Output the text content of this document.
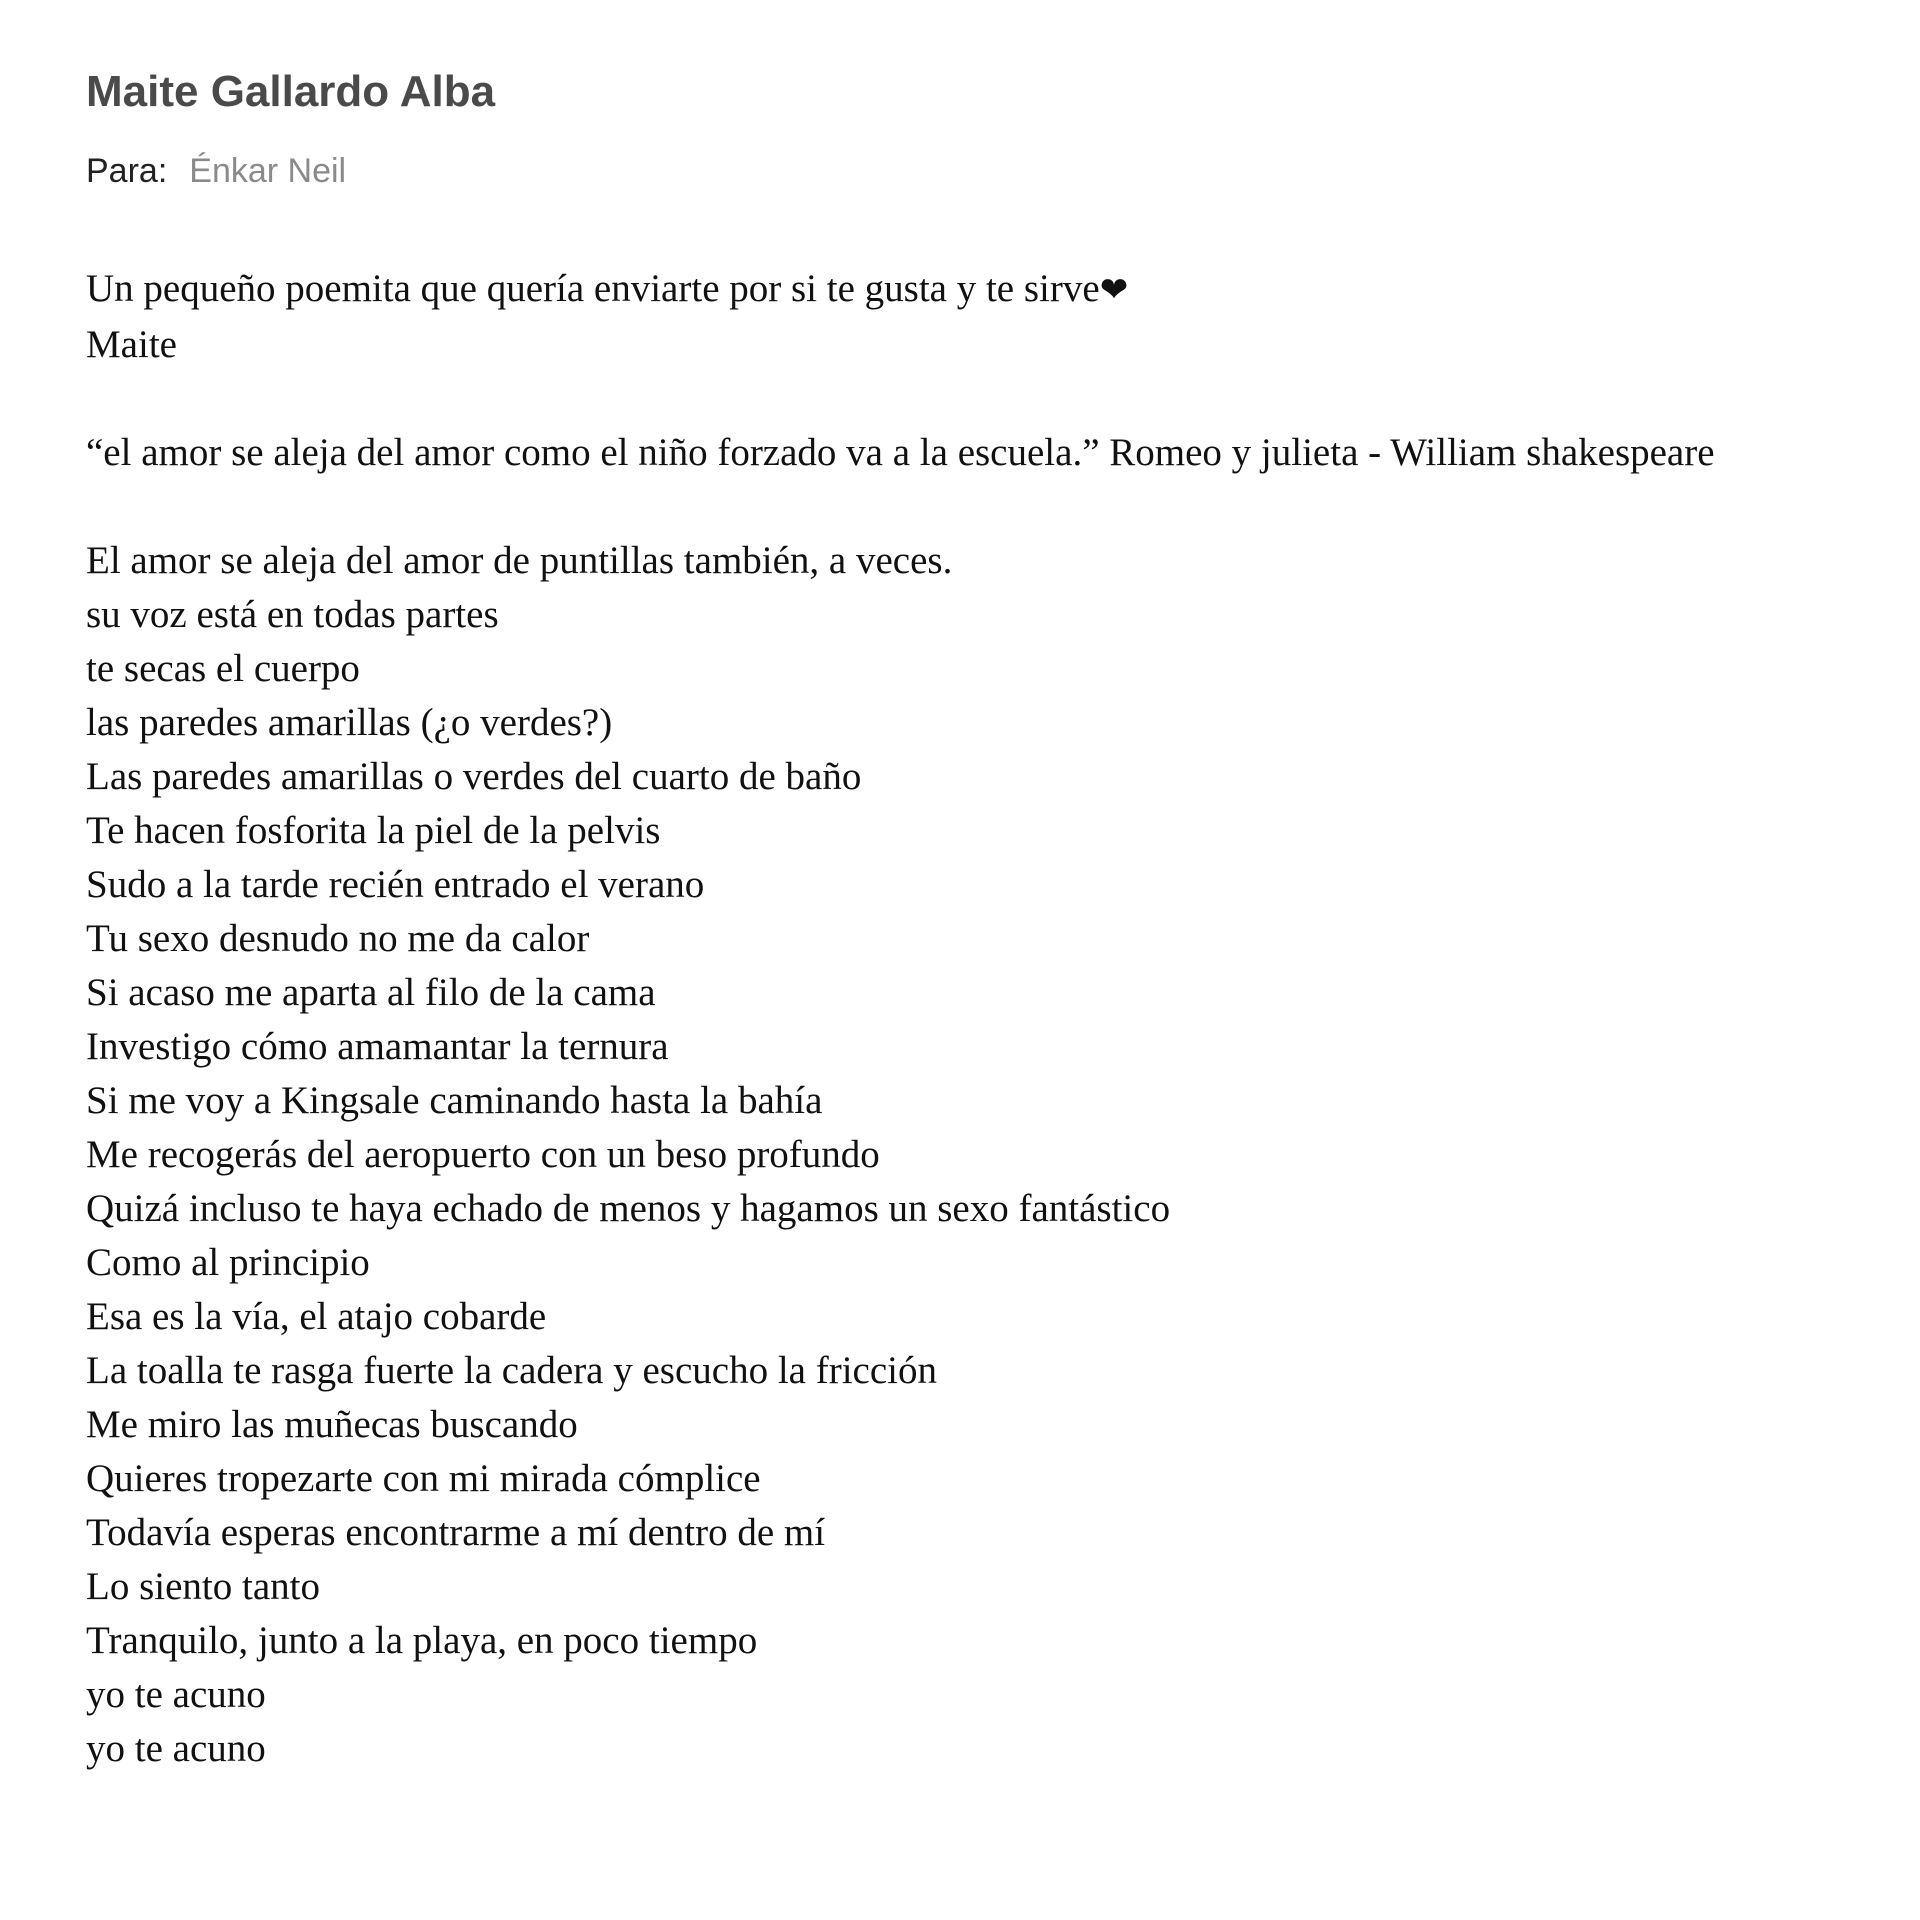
Maite Gallardo Alba
Para: Énkar Neil
Un pequeño poemita que quería enviarte por si te gusta y te sirve❤
Maite
“el amor se aleja del amor como el niño forzado va a la escuela.” Romeo y julieta - William shakespeare
El amor se aleja del amor de puntillas también, a veces.
su voz está en todas partes
te secas el cuerpo
las paredes amarillas (¿o verdes?)
Las paredes amarillas o verdes del cuarto de baño
Te hacen fosforita la piel de la pelvis
Sudo a la tarde recién entrado el verano
Tu sexo desnudo no me da calor
Si acaso me aparta al filo de la cama
Investigo cómo amamantar la ternura
Si me voy a Kingsale caminando hasta la bahía
Me recogerás del aeropuerto con un beso profundo
Quizá incluso te haya echado de menos y hagamos un sexo fantástico
Como al principio
Esa es la vía, el atajo cobarde
La toalla te rasga fuerte la cadera y escucho la fricción
Me miro las muñecas buscando
Quieres tropezarte con mi mirada cómplice
Todavía esperas encontrarme a mí dentro de mí
Lo siento tanto
Tranquilo, junto a la playa, en poco tiempo
yo te acuno
yo te acuno
